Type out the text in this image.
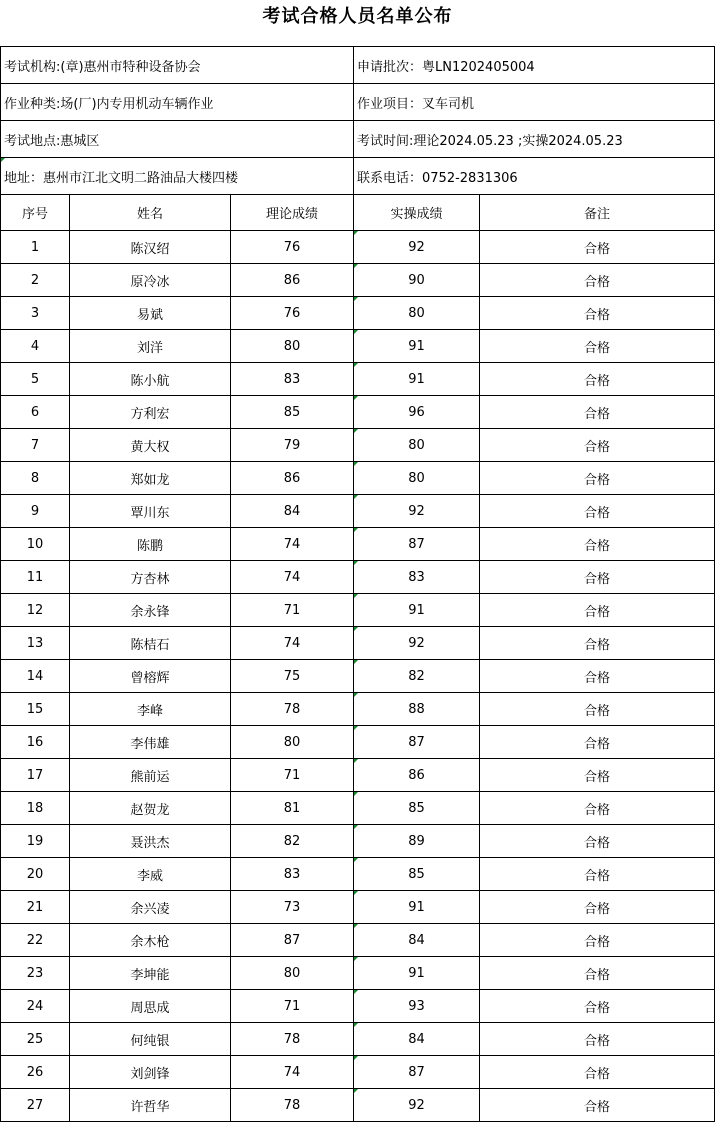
考试合格人员名单公布
考试机构:(章)惠州市特种设备协会	申请批次：粤LN1202405004
作业种类:场(厂)内专用机动车辆作业	作业项目：叉车司机
考试地点:惠城区	考试时间:理论2024.05.23 ;实操2024.05.23
地址：惠州市江北文明二路油品大楼四楼	联系电话：0752-2831306
序号	姓名	理论成绩	实操成绩	备注
1	陈汉绍	76	92	合格
2	原冷冰	86	90	合格
3	易斌	76	80	合格
4	刘洋	80	91	合格
5	陈小航	83	91	合格
6	方利宏	85	96	合格
7	黄大权	79	80	合格
8	郑如龙	86	80	合格
9	覃川东	84	92	合格
10	陈鹏	74	87	合格
11	方杏林	74	83	合格
12	余永锋	71	91	合格
13	陈桔石	74	92	合格
14	曾榕辉	75	82	合格
15	李峰	78	88	合格
16	李伟雄	80	87	合格
17	熊前运	71	86	合格
18	赵贺龙	81	85	合格
19	聂洪杰	82	89	合格
20	李威	83	85	合格
21	余兴凌	73	91	合格
22	余木枪	87	84	合格
23	李坤能	80	91	合格
24	周思成	71	93	合格
25	何纯银	78	84	合格
26	刘剑锋	74	87	合格
27	许哲华	78	92	合格
